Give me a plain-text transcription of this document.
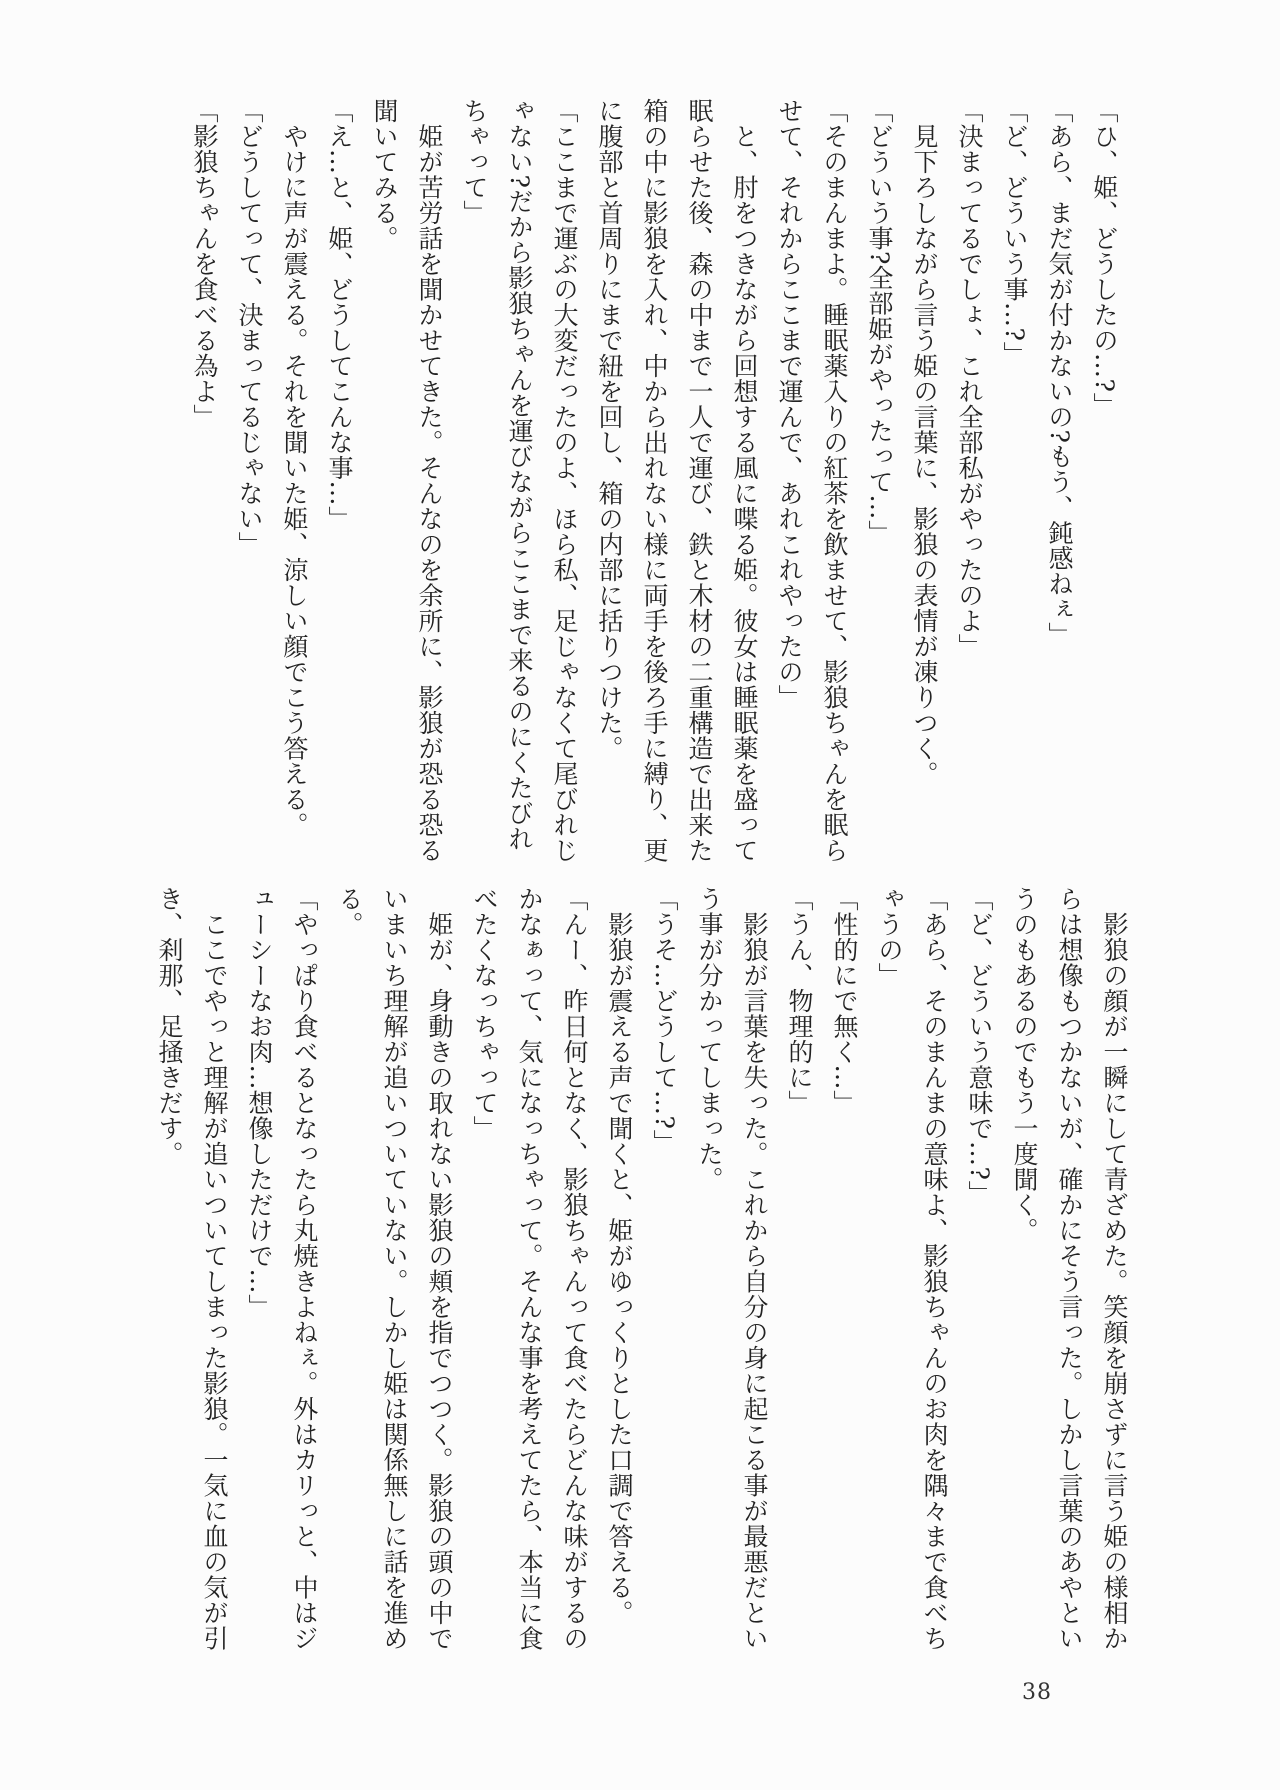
「ひ、姫、どうしたの…?」
「あら、まだ気が付かないの?もう、鈍感ねぇ」
「ど、どういう事…?」
「決まってるでしょ、これ全部私がやったのよ」
　見下ろしながら言う姫の言葉に、影狼の表情が凍りつく。
「どういう事?全部姫がやったって…」
「そのまんまよ。睡眠薬入りの紅茶を飲ませて、影狼ちゃんを眠ら
せて、それからここまで運んで、あれこれやったの」
　と、肘をつきながら回想する風に喋る姫。彼女は睡眠薬を盛って
眠らせた後、森の中まで一人で運び、鉄と木材の二重構造で出来た
箱の中に影狼を入れ、中から出れない様に両手を後ろ手に縛り、更
に腹部と首周りにまで紐を回し、箱の内部に括りつけた。
「ここまで運ぶの大変だったのよ、ほら私、足じゃなくて尾びれじ
ゃない?だから影狼ちゃんを運びながらここまで来るのにくたびれ
ちゃって」
　姫が苦労話を聞かせてきた。そんなのを余所に、影狼が恐る恐る
聞いてみる。
「え…と、姫、どうしてこんな事…」
　やけに声が震える。それを聞いた姫、涼しい顔でこう答える。
「どうしてって、決まってるじゃない」
「影狼ちゃんを食べる為よ」
　影狼の顔が一瞬にして青ざめた。笑顔を崩さずに言う姫の様相か
らは想像もつかないが、確かにそう言った。しかし言葉のあやとい
うのもあるのでもう一度聞く。
「ど、どういう意味で…?」
「あら、そのまんまの意味よ、影狼ちゃんのお肉を隅々まで食べち
ゃうの」
「性的にで無く…」
「うん、物理的に」
　影狼が言葉を失った。これから自分の身に起こる事が最悪だとい
う事が分かってしまった。
「うそ…どうして…?」
　影狼が震える声で聞くと、姫がゆっくりとした口調で答える。
「んー、昨日何となく、影狼ちゃんって食べたらどんな味がするの
かなぁって、気になっちゃって。そんな事を考えてたら、本当に食
べたくなっちゃって」
　姫が、身動きの取れない影狼の頬を指でつつく。影狼の頭の中で
いまいち理解が追いついていない。しかし姫は関係無しに話を進め
る。
「やっぱり食べるとなったら丸焼きよねぇ。外はカリっと、中はジ
ューシーなお肉…想像しただけで…」
　ここでやっと理解が追いついてしまった影狼。一気に血の気が引
き、刹那、足掻きだす。
38
